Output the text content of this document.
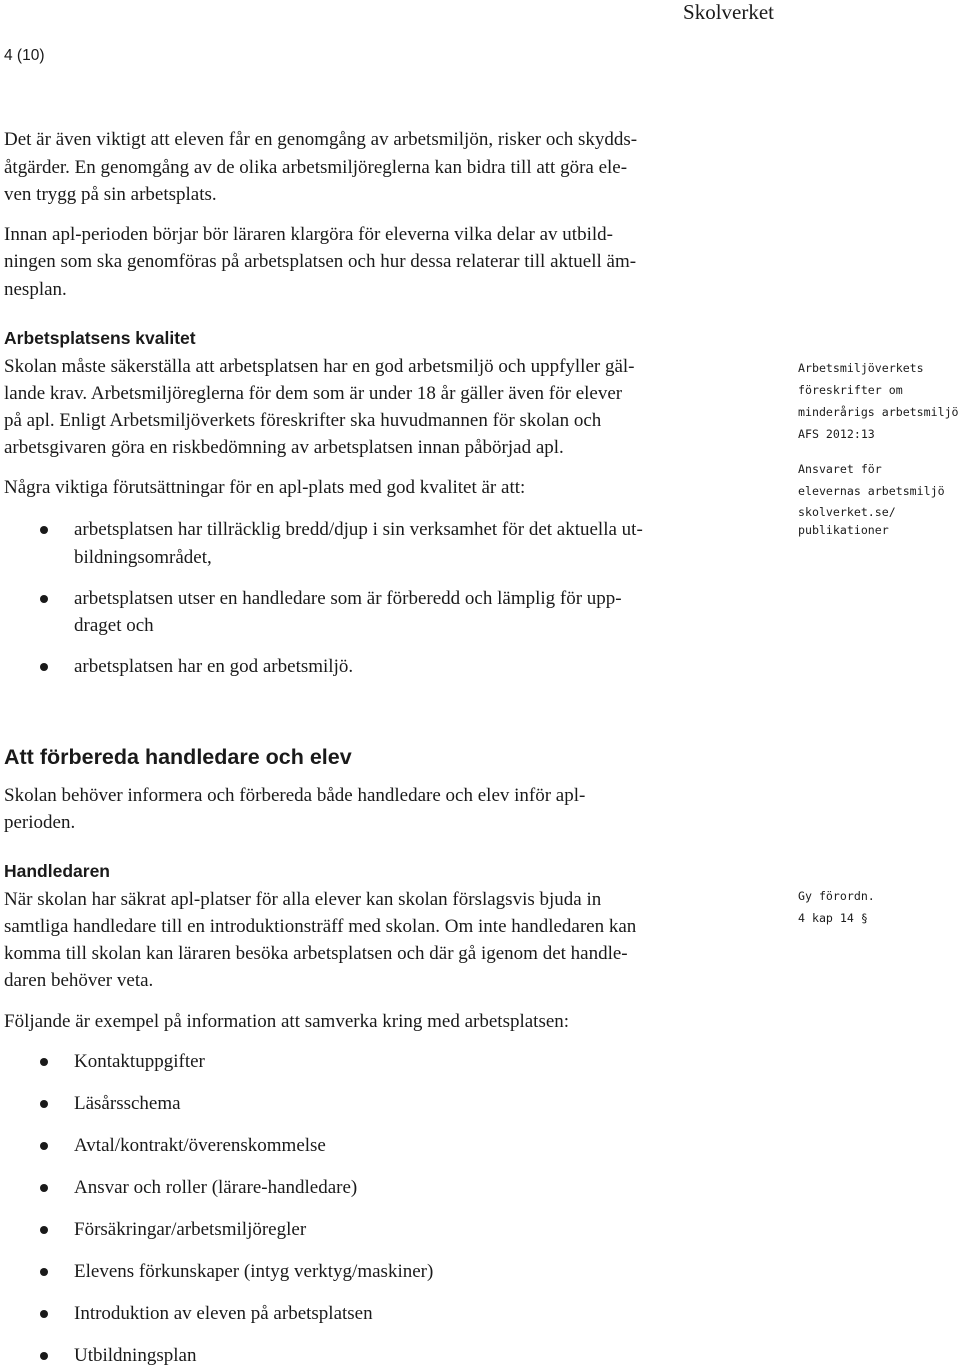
Skolverket
4 (10)
Det är även viktigt att eleven får en genomgång av arbetsmiljön, risker och skydds-
åtgärder. En genomgång av de olika arbetsmiljöreglerna kan bidra till att göra ele-
ven trygg på sin arbetsplats.
Innan apl-perioden börjar bör läraren klargöra för eleverna vilka delar av utbild-
ningen som ska genomföras på arbetsplatsen och hur dessa relaterar till aktuell äm-
nesplan.
Arbetsplatsens kvalitet
Skolan måste säkerställa att arbetsplatsen har en god arbetsmiljö och uppfyller gäl-
lande krav. Arbetsmiljöreglerna för dem som är under 18 år gäller även för elever
på apl. Enligt Arbetsmiljöverkets föreskrifter ska huvudmannen för skolan och
arbetsgivaren göra en riskbedömning av arbetsplatsen innan påbörjad apl.
Några viktiga förutsättningar för en apl-plats med god kvalitet är att:
arbetsplatsen har tillräcklig bredd/djup i sin verksamhet för det aktuella ut-
bildningsområdet,
arbetsplatsen utser en handledare som är förberedd och lämplig för upp-
draget och
arbetsplatsen har en god arbetsmiljö.
Arbetsmiljöverkets
föreskrifter om
minderårigs arbetsmiljö
AFS 2012:13
Ansvaret för
elevernas arbetsmiljö
skolverket.se/
publikationer
Att förbereda handledare och elev
Skolan behöver informera och förbereda både handledare och elev inför apl-
perioden.
Handledaren
När skolan har säkrat apl-platser för alla elever kan skolan förslagsvis bjuda in
samtliga handledare till en introduktionsträff med skolan. Om inte handledaren kan
komma till skolan kan läraren besöka arbetsplatsen och där gå igenom det handle-
daren behöver veta.
Gy förordn.
4 kap 14 §
Följande är exempel på information att samverka kring med arbetsplatsen:
Kontaktuppgifter
Läsårsschema
Avtal/kontrakt/överenskommelse
Ansvar och roller (lärare-handledare)
Försäkringar/arbetsmiljöregler
Elevens förkunskaper (intyg verktyg/maskiner)
Introduktion av eleven på arbetsplatsen
Utbildningsplan
